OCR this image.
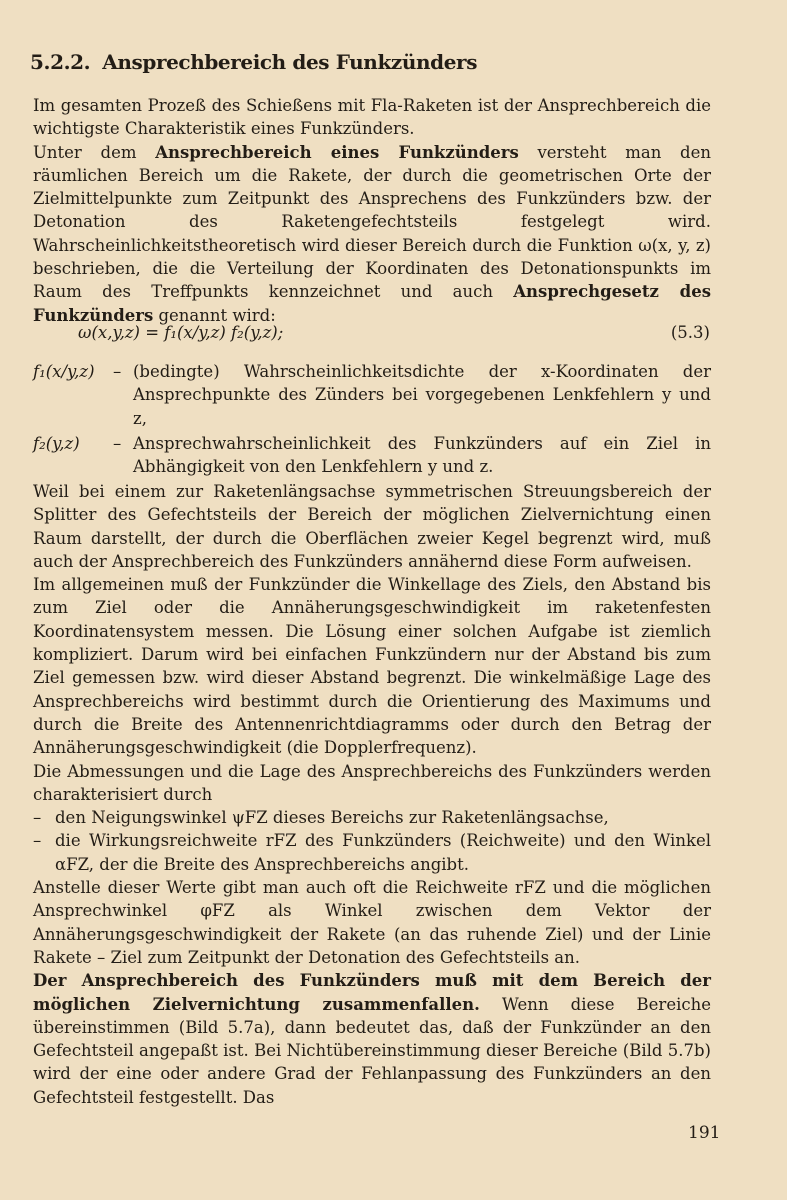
5.2.2. Ansprechbereich des Funkzünders

Im gesamten Prozeß des Schießens mit Fla-Raketen ist der Ansprechbereich die wichtigste Charakteristik eines Funkzünders.

Unter dem Ansprechbereich eines Funkzünders versteht man den räumlichen Bereich um die Rakete, der durch die geometrischen Orte der Zielmittelpunkte zum Zeitpunkt des Ansprechens des Funkzünders bzw. der Detonation des Raketengefechtsteils festgelegt wird. Wahrscheinlichkeitstheoretisch wird dieser Bereich durch die Funktion ω(x, y, z) beschrieben, die die Verteilung der Koordinaten des Detonationspunkts im Raum des Treffpunkts kennzeichnet und auch Ansprechgesetz des Funkzünders genannt wird:

ω(x,y,z) = f₁(x/y,z) f₂(y,z);	(5.3)
f₁(x/y,z)	– (bedingte) Wahrscheinlichkeitsdichte der x-Koordinaten der Ansprechpunkte des Zünders bei vorgegebenen Lenkfehlern y und z,
f₂(y,z)	– Ansprechwahrscheinlichkeit des Funkzünders auf ein Ziel in Abhängigkeit von den Lenkfehlern y und z.

Weil bei einem zur Raketenlängsachse symmetrischen Streuungsbereich der Splitter des Gefechtsteils der Bereich der möglichen Zielvernichtung einen Raum darstellt, der durch die Oberflächen zweier Kegel begrenzt wird, muß auch der Ansprechbereich des Funkzünders annähernd diese Form aufweisen.

Im allgemeinen muß der Funkzünder die Winkellage des Ziels, den Abstand bis zum Ziel oder die Annäherungsgeschwindigkeit im raketenfesten Koordinatensystem messen. Die Lösung einer solchen Aufgabe ist ziemlich kompliziert. Darum wird bei einfachen Funkzündern nur der Abstand bis zum Ziel gemessen bzw. wird dieser Abstand begrenzt. Die winkelmäßige Lage des Ansprechbereichs wird bestimmt durch die Orientierung des Maximums und durch die Breite des Antennenrichtdiagramms oder durch den Betrag der Annäherungsgeschwindigkeit (die Dopplerfrequenz).

Die Abmessungen und die Lage des Ansprechbereichs des Funkzünders werden charakterisiert durch

– den Neigungswinkel ψFZ dieses Bereichs zur Raketenlängsachse,
– die Wirkungsreichweite rFZ des Funkzünders (Reichweite) und den Winkel αFZ, der die Breite des Ansprechbereichs angibt.

Anstelle dieser Werte gibt man auch oft die Reichweite rFZ und die möglichen Ansprechwinkel φFZ als Winkel zwischen dem Vektor der Annäherungsgeschwindigkeit der Rakete (an das ruhende Ziel) und der Linie Rakete – Ziel zum Zeitpunkt der Detonation des Gefechtsteils an.

Der Ansprechbereich des Funkzünders muß mit dem Bereich der möglichen Zielvernichtung zusammenfallen. Wenn diese Bereiche übereinstimmen (Bild 5.7a), dann bedeutet das, daß der Funkzünder an den Gefechtsteil angepaßt ist. Bei Nichtübereinstimmung dieser Bereiche (Bild 5.7b) wird der eine oder andere Grad der Fehlanpassung des Funkzünders an den Gefechtsteil festgestellt. Das

191
